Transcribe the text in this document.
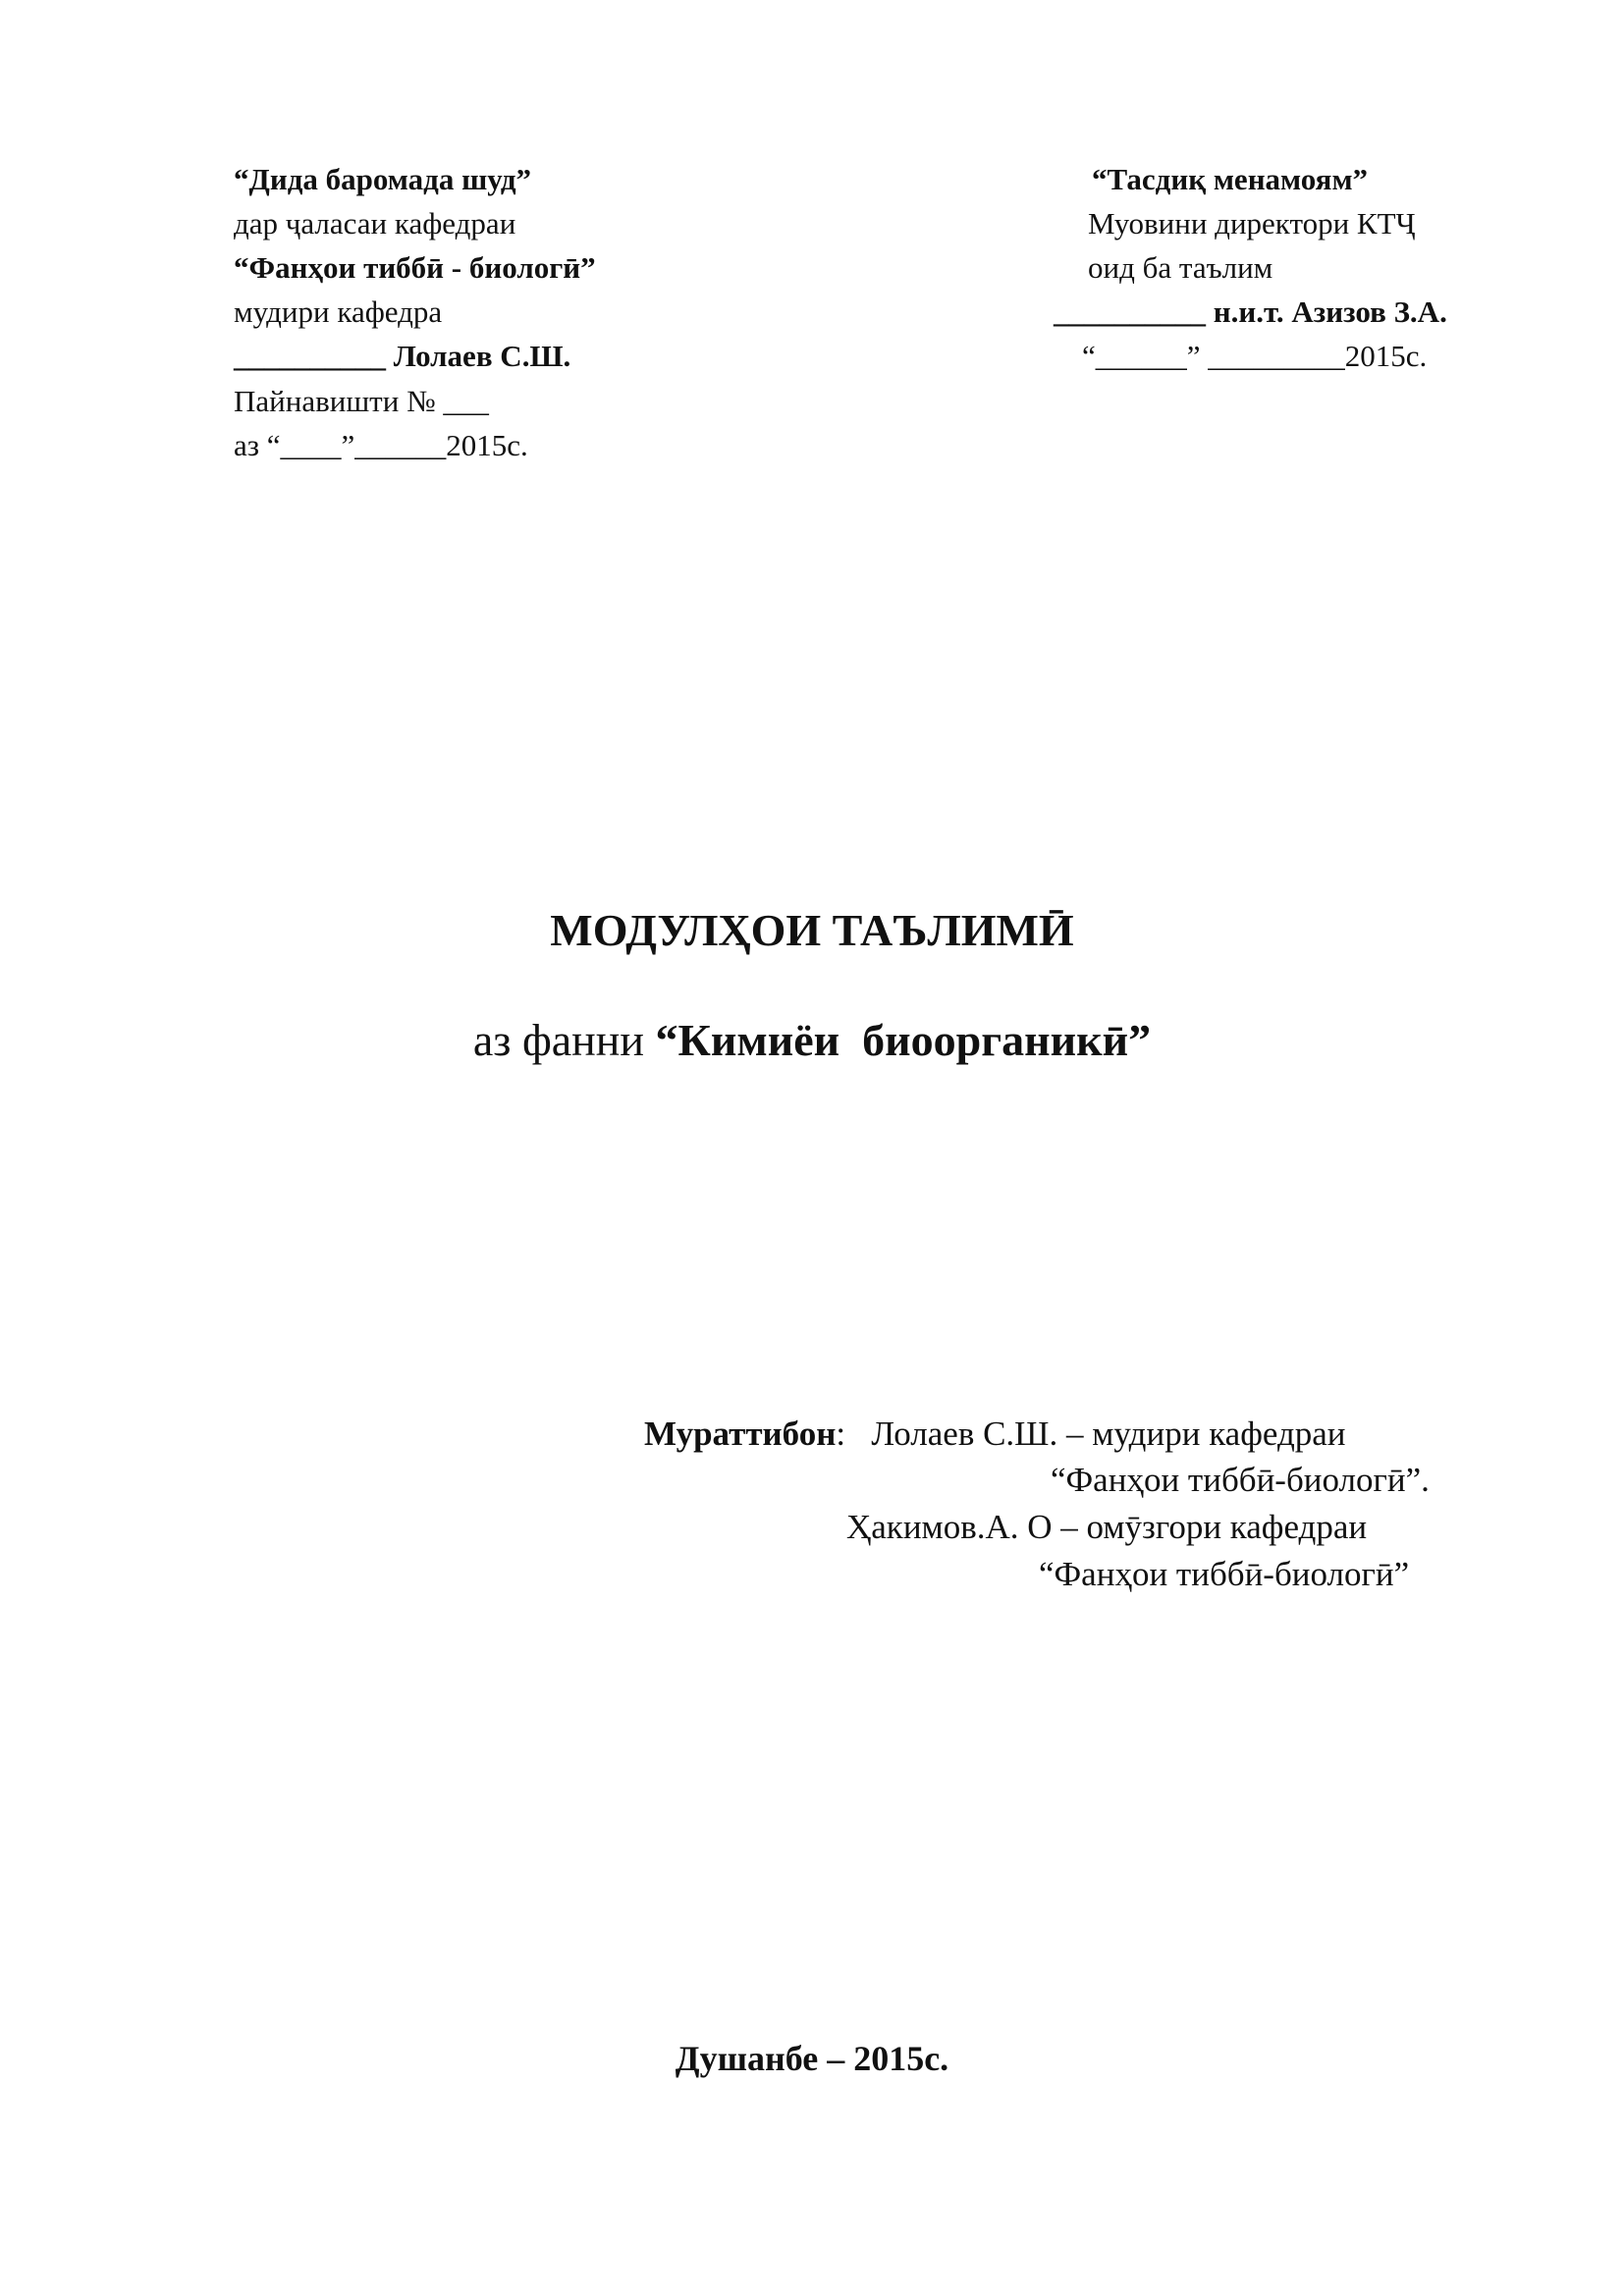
“Дида баромада шуд”
дар ҷаласаи кафедраи
“Фанҳои тиббӣ - биологӣ”
мудири кафедра
__________ Лолаев С.Ш.
Пайнавишти № ___
аз “____”______2015с.
“Тасдиқ менамоям”
Муовини директори КТҶ
оид ба таълим
__________ н.и.т. Азизов З.А.
“______” _________2015с.
МОДУЛҲОИ ТАЪЛИМӢ
аз фанни “Кимиёи  биоорганикӣ”
Мураттибон: Лолаев С.Ш. – мудири кафедраи
“Фанҳои тиббӣ-биологӣ”.
Ҳакимов.А. О – омӯзгори кафедраи
“Фанҳои тиббӣ-биологӣ”
Душанбе – 2015с.
